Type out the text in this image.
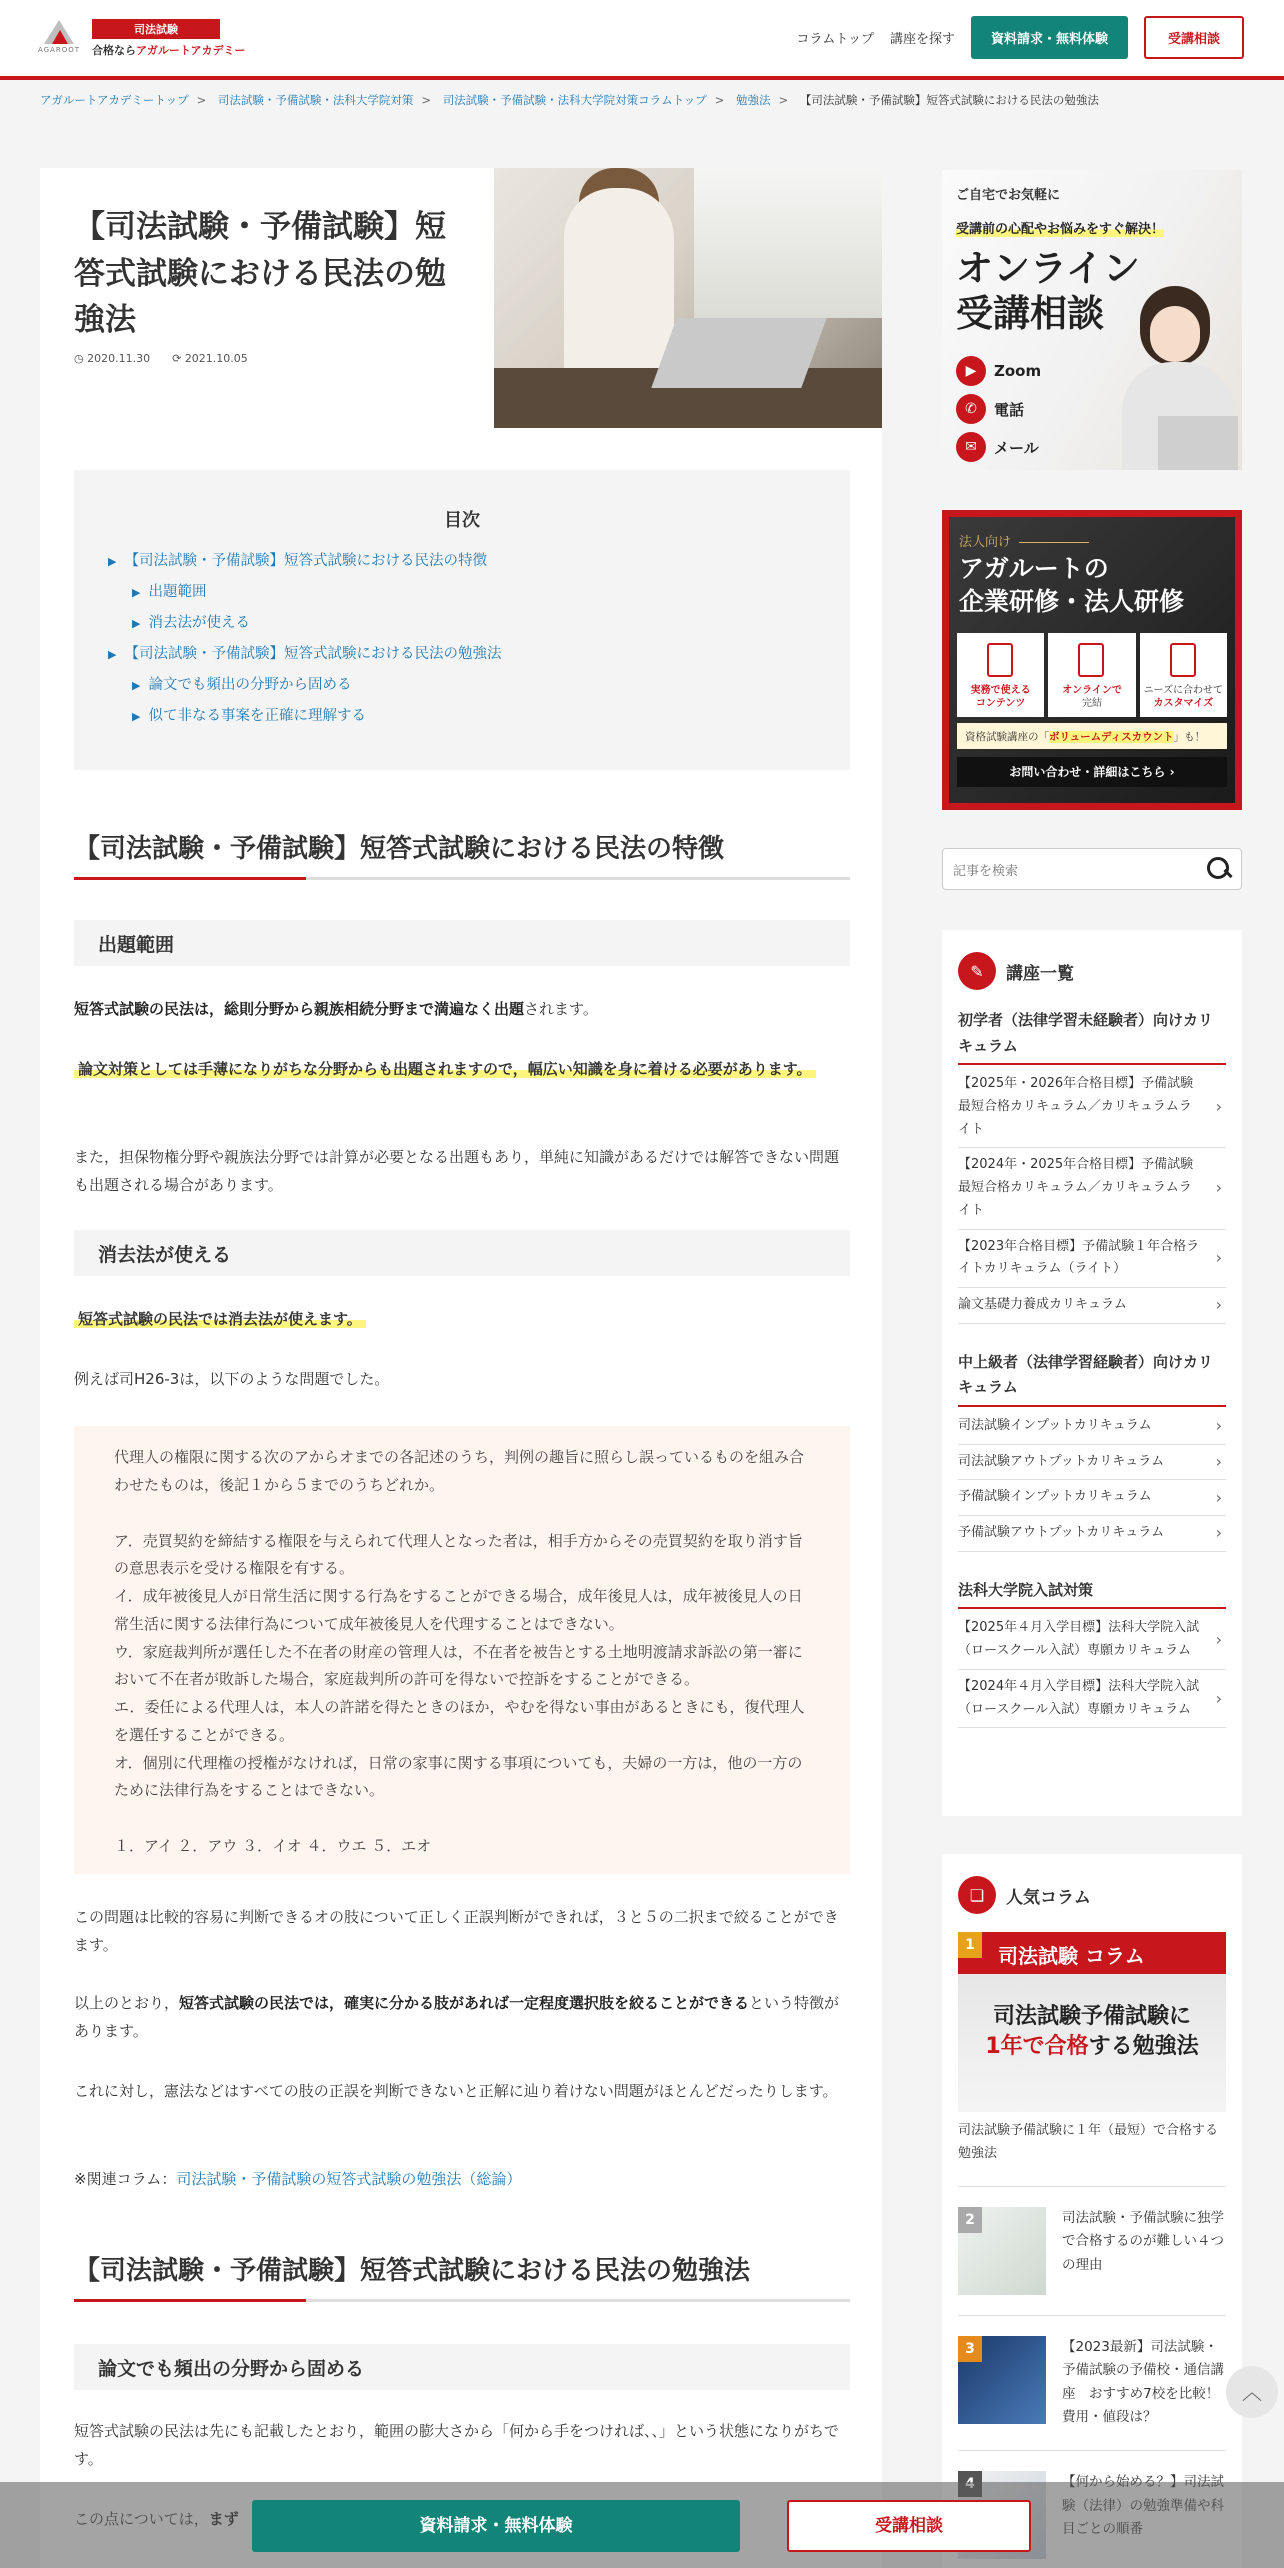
AGAROOT
司法試験
合格ならアガルートアカデミー
コラムトップ 講座を探す	資料請求・無料体験	受講相談
アガルートアカデミートップ > 司法試験・予備試験・法科大学院対策 > 司法試験・予備試験・法科大学院対策コラムトップ > 勉強法 > 【司法試験・予備試験】短答式試験における民法の勉強法
【司法試験・予備試験】短答式試験における民法の勉強法
◷ 2020.11.30 ⟳ 2021.10.05
目次
▶ 【司法試験・予備試験】短答式試験における民法の特徴
▶ 出題範囲
▶ 消去法が使える
▶ 【司法試験・予備試験】短答式試験における民法の勉強法
▶ 論文でも頻出の分野から固める
▶ 似て非なる事案を正確に理解する
【司法試験・予備試験】短答式試験における民法の特徴
出題範囲

短答式試験の民法は，総則分野から親族相続分野まで満遍なく出題されます。

論文対策としては手薄になりがちな分野からも出題されますので，幅広い知識を身に着ける必要があります。

また，担保物権分野や親族法分野では計算が必要となる出題もあり，単純に知識があるだけでは解答できない問題も出題される場合があります。

消去法が使える

短答式試験の民法では消去法が使えます。

例えば司H26-3は，以下のような問題でした。

代理人の権限に関する次のアからオまでの各記述のうち，判例の趣旨に照らし誤っているものを組み合わせたものは，後記１から５までのうちどれか。

ア．売買契約を締結する権限を与えられて代理人となった者は，相手方からその売買契約を取り消す旨の意思表示を受ける権限を有する。

イ．成年被後見人が日常生活に関する行為をすることができる場合，成年後見人は，成年被後見人の日常生活に関する法律行為について成年被後見人を代理することはできない。

ウ．家庭裁判所が選任した不在者の財産の管理人は，不在者を被告とする土地明渡請求訴訟の第一審において不在者が敗訴した場合，家庭裁判所の許可を得ないで控訴をすることができる。

エ．委任による代理人は，本人の許諾を得たときのほか，やむを得ない事由があるときにも，復代理人を選任することができる。

オ．個別に代理権の授権がなければ，日常の家事に関する事項についても，夫婦の一方は，他の一方のために法律行為をすることはできない。

１．アイ ２．アウ ３．イオ ４．ウエ ５．エオ

この問題は比較的容易に判断できるオの肢について正しく正誤判断ができれば，３と５の二択まで絞ることができます。

以上のとおり，短答式試験の民法では，確実に分かる肢があれば一定程度選択肢を絞ることができるという特徴があります。

これに対し，憲法などはすべての肢の正誤を判断できないと正解に辿り着けない問題がほとんどだったりします。

※関連コラム：司法試験・予備試験の短答式試験の勉強法（総論）

【司法試験・予備試験】短答式試験における民法の勉強法
論文でも頻出の分野から固める

短答式試験の民法は先にも記載したとおり，範囲の膨大さから「何から手をつければ、、」という状態になりがちです。

ご自宅でお気軽に
受講前の心配やお悩みをすぐ解決！
オンライン
受講相談
▶	Zoom
✆	電話
✉	メール
法人向け
アガルートの
企業研修・法人研修
実務で使える
コンテンツ
オンラインで
完結
ニーズに合わせて
カスタマイズ
資格試験講座の「ボリュームディスカウント」も！
お問い合わせ・詳細はこちら ›
記事を検索
✎	講座一覧
初学者（法律学習未経験者）向けカリキュラム
【2025年・2026年合格目標】予備試験最短合格カリキュラム／カリキュラムライト ›
【2024年・2025年合格目標】予備試験最短合格カリキュラム／カリキュラムライト ›
【2023年合格目標】予備試験１年合格ライトカリキュラム（ライト） ›
論文基礎力養成カリキュラム ›
中上級者（法律学習経験者）向けカリキュラム
司法試験インプットカリキュラム ›
司法試験アウトプットカリキュラム ›
予備試験インプットカリキュラム ›
予備試験アウトプットカリキュラム ›
法科大学院入試対策
【2025年４月入学目標】法科大学院入試（ロースクール入試）専願カリキュラム ›
【2024年４月入学目標】法科大学院入試（ロースクール入試）専願カリキュラム ›
❏	人気コラム
1	司法試験 コラム
司法試験予備試験に
1年で合格する勉強法
司法試験予備試験に１年（最短）で合格する勉強法
2	司法試験・予備試験に独学で合格するのが難しい４つの理由
3	【2023最新】司法試験・予備試験の予備校・通信講座　おすすめ7校を比較！費用・値段は？
︿
資料請求・無料体験	受講相談
